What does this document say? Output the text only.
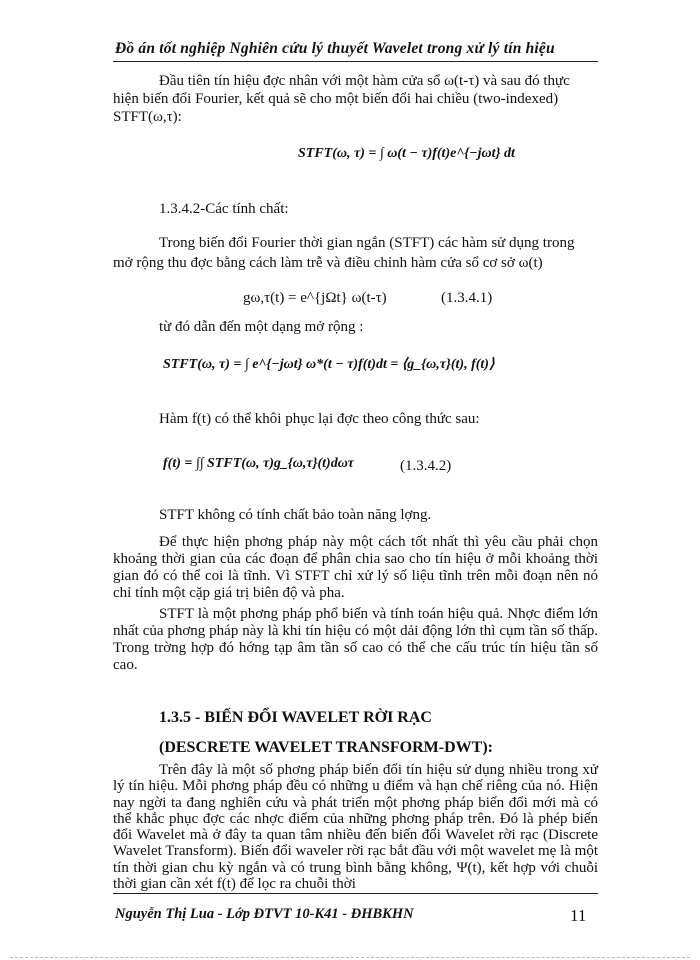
Đồ án tốt nghiệp Nghiên cứu lý thuyết Wavelet trong xử lý tín hiệu
Đầu tiên tín hiệu đợc nhân với một hàm cửa sổ ω(t-τ) và sau đó thực
hiện biến đổi Fourier, kết quả sẽ cho một biến đổi hai chiều (two-indexed)
STFT(ω,τ):
STFT(ω, τ) = ∫ ω(t − τ)f(t)e^{−jωt} dt
1.3.4.2-Các tính chất:
Trong biến đổi Fourier thời gian ngắn (STFT) các hàm sử dụng trong
mở rộng thu đợc bằng cách làm trễ và điều chỉnh hàm cửa sổ cơ sở ω(t)
gω,τ(t) = e^{jΩt} ω(t-τ)	(1.3.4.1)
từ đó dẫn đến một dạng mở rộng :
STFT(ω, τ) = ∫ e^{−jωt} ω*(t − τ)f(t)dt = ⟨g_{ω,τ}(t), f(t)⟩
Hàm f(t) có thể khôi phục lại đợc theo công thức sau:
f(t) = ∫∫ STFT(ω, τ)g_{ω,τ}(t)dωτ	(1.3.4.2)
STFT không có tính chất bảo toàn năng lợng.
Để thực hiện phơng pháp này một cách tốt nhất thì yêu cầu phải chọn khoảng thời gian của các đoạn để phân chia sao cho tín hiệu ở mỗi khoảng thời gian đó có thể coi là tĩnh. Vì STFT chỉ xử lý số liệu tĩnh trên mỗi đoạn nên nó chỉ tính một cặp giá trị biên độ và pha.
STFT là một phơng pháp phổ biến và tính toán hiệu quả. Nhợc điểm lớn nhất của phơng pháp này là khi tín hiệu có một dải động lớn thì cụm tần số thấp. Trong trờng hợp đó hớng tạp âm tần số cao có thể che cấu trúc tín hiệu tần số cao.
1.3.5 - BIẾN ĐỔI WAVELET RỜI RẠC
(DESCRETE WAVELET TRANSFORM-DWT):
Trên đây là một số phơng pháp biến đổi tín hiệu sử dụng nhiều trong xử lý tín hiệu. Mỗi phơng pháp đều có những u điểm và hạn chế riêng của nó. Hiện nay ngời ta đang nghiên cứu và phát triển một phơng pháp biến đổi mới mà có thể khắc phục đợc các nhợc điểm của những phơng pháp trên. Đó là phép biến đổi Wavelet mà ở đây ta quan tâm nhiều đến biến đổi Wavelet rời rạc (Discrete Wavelet Transform). Biến đổi waveler rời rạc bắt đầu với một wavelet mẹ là một tín thời gian chu kỳ ngắn và có trung bình bằng không, Ψ(t), kết hợp với chuỗi thời gian cần xét f(t) để lọc ra chuỗi thời
Nguyễn Thị Lua - Lớp ĐTVT 10-K41 - ĐHBKHN	11
